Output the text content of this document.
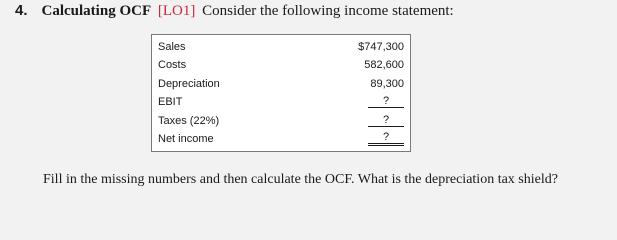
4. Calculating OCF [LO1] Consider the following income statement:
Sales	$747,300
Costs	582,600
Depreciation	89,300
EBIT	?
Taxes (22%)	?
Net income	?
Fill in the missing numbers and then calculate the OCF. What is the depreciation tax shield?
